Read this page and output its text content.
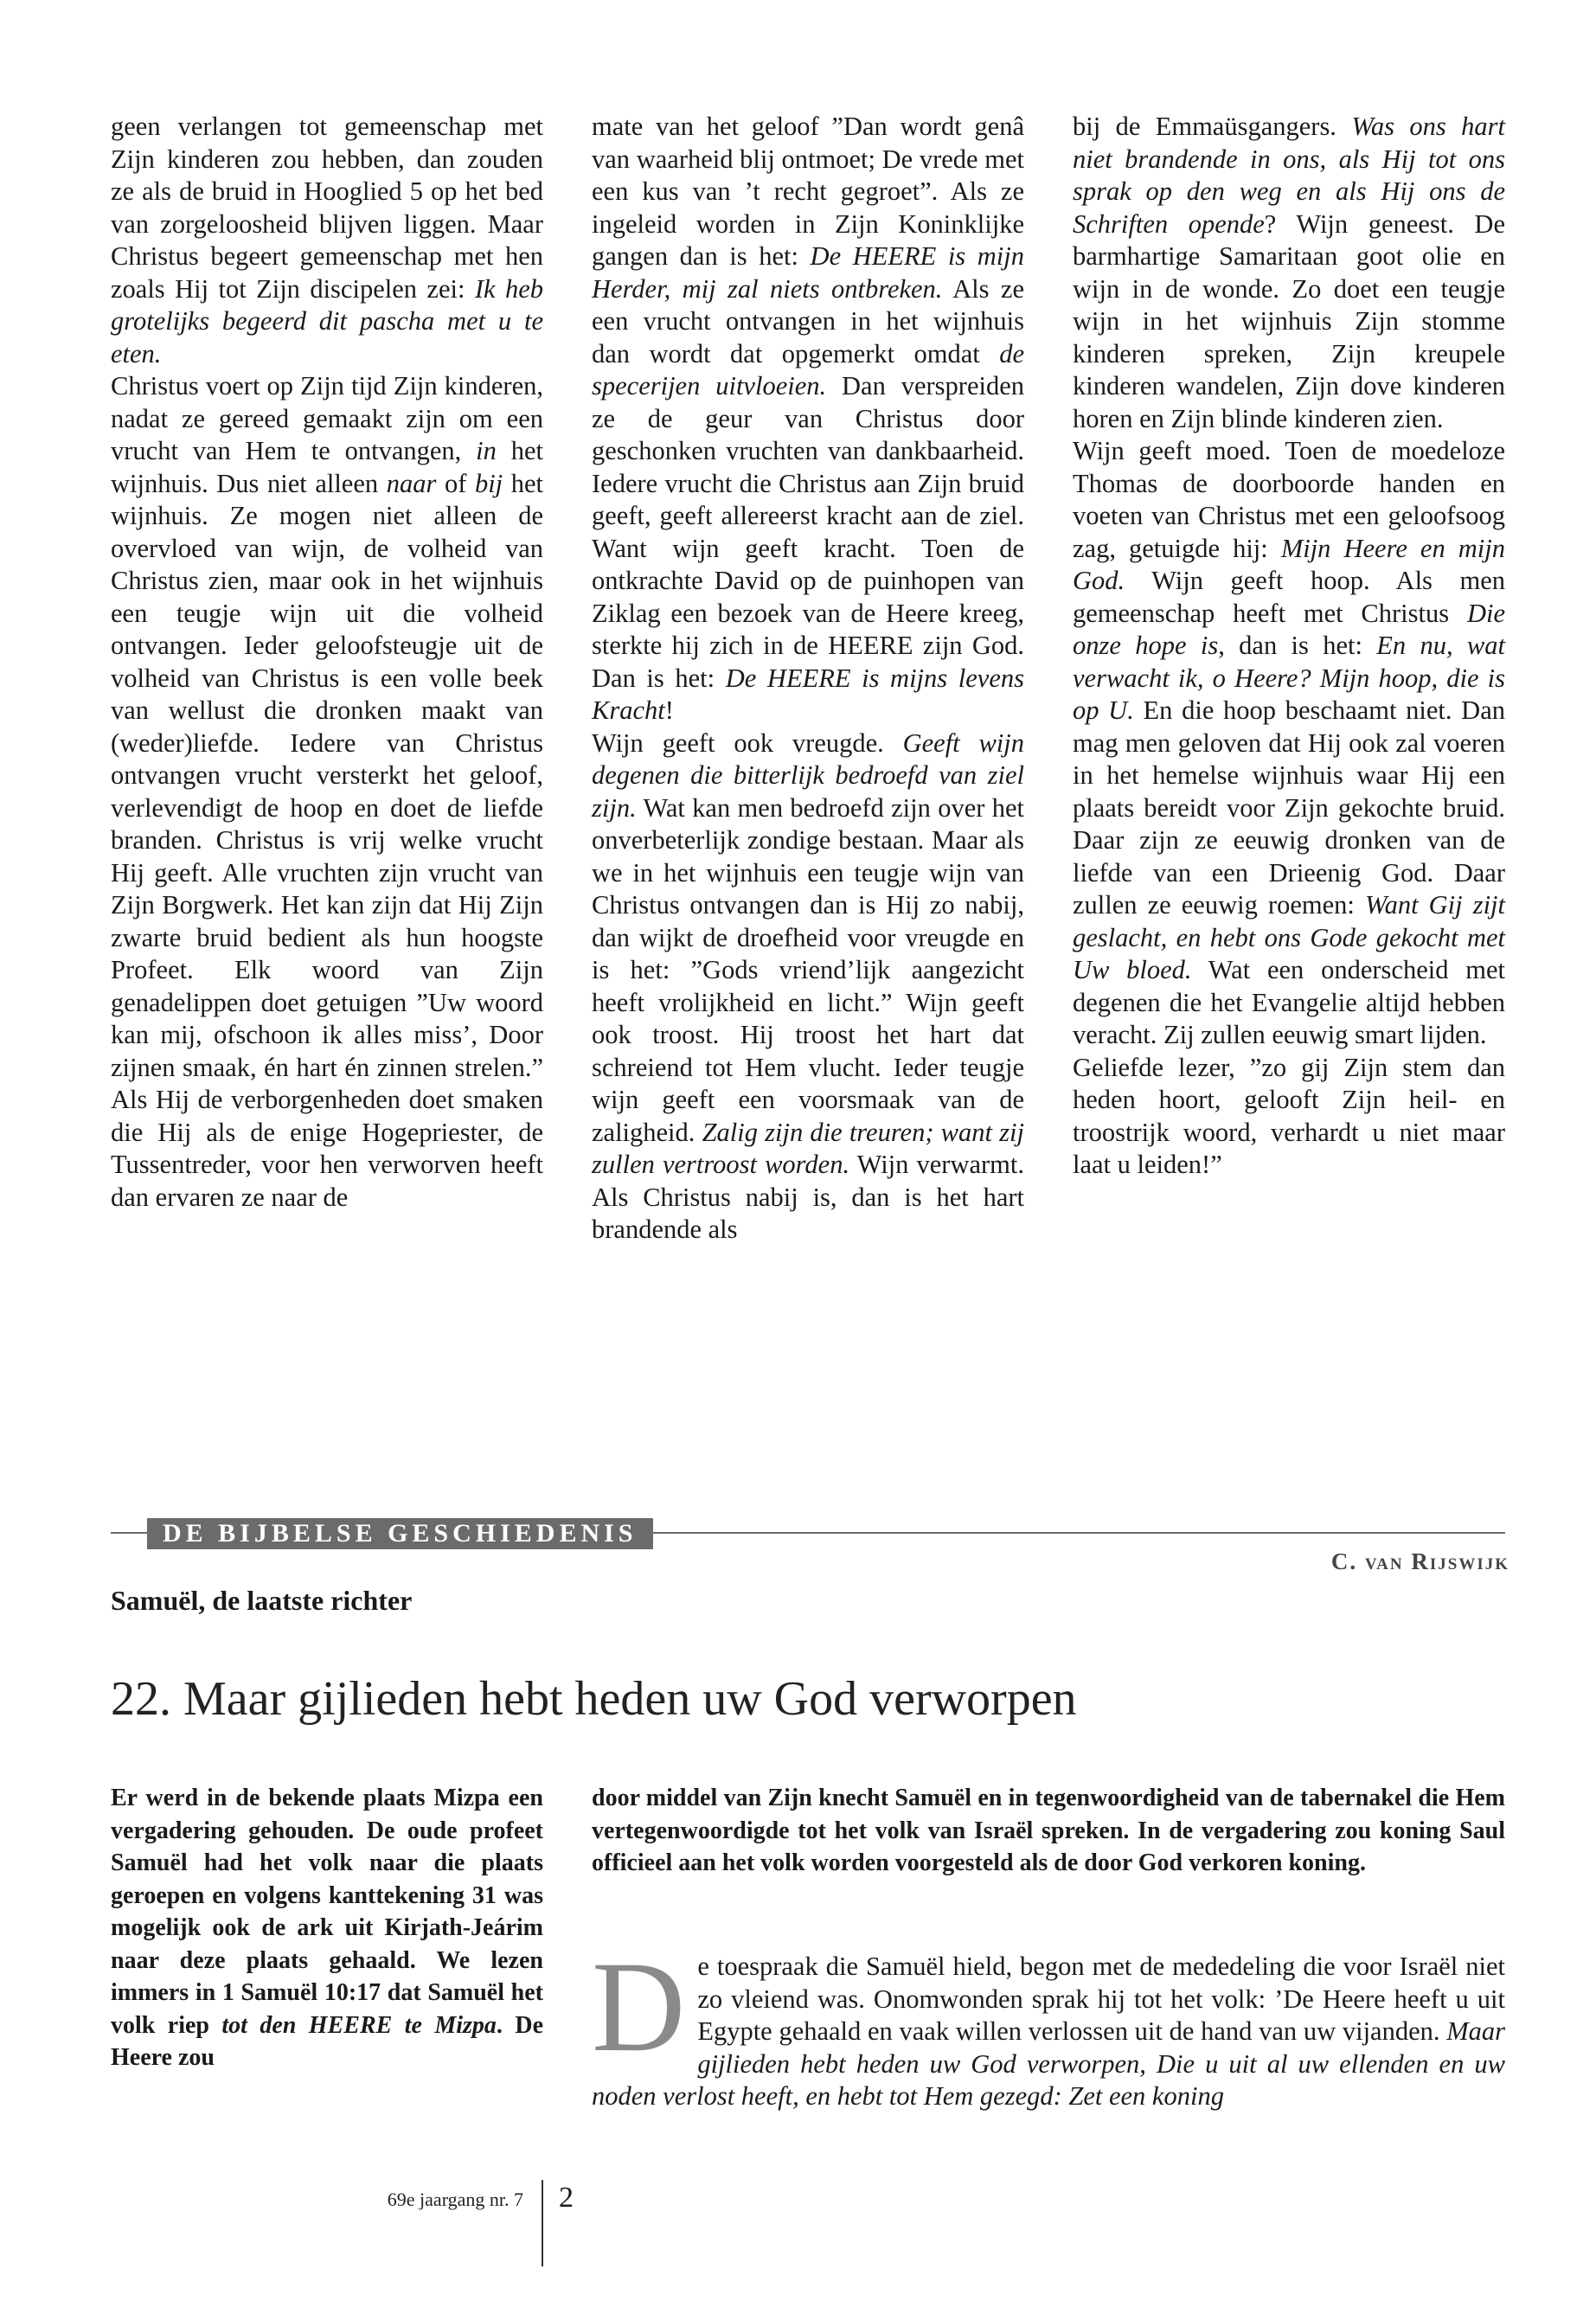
geen verlangen tot gemeenschap met Zijn kinderen zou hebben, dan zouden ze als de bruid in Hooglied 5 op het bed van zorgeloosheid blijven liggen. Maar Christus begeert gemeenschap met hen zoals Hij tot Zijn discipelen zei: Ik heb grotelijks begeerd dit pascha met u te eten.

Christus voert op Zijn tijd Zijn kinderen, nadat ze gereed gemaakt zijn om een vrucht van Hem te ontvangen, in het wijnhuis. Dus niet alleen naar of bij het wijnhuis. Ze mogen niet alleen de overvloed van wijn, de volheid van Christus zien, maar ook in het wijnhuis een teugje wijn uit die volheid ontvangen. Ieder geloofsteugje uit de volheid van Christus is een volle beek van wellust die dronken maakt van (weder)liefde. Iedere van Christus ontvangen vrucht versterkt het geloof, verlevendigt de hoop en doet de liefde branden. Christus is vrij welke vrucht Hij geeft. Alle vruchten zijn vrucht van Zijn Borgwerk. Het kan zijn dat Hij Zijn zwarte bruid bedient als hun hoogste Profeet. Elk woord van Zijn genadelippen doet getuigen ”Uw woord kan mij, ofschoon ik alles miss’, Door zijnen smaak, én hart én zinnen strelen.” Als Hij de verborgenheden doet smaken die Hij als de enige Hogepriester, de Tussentreder, voor hen verworven heeft dan ervaren ze naar de

mate van het geloof ”Dan wordt genâ van waarheid blij ontmoet; De vrede met een kus van ’t recht gegroet”. Als ze ingeleid worden in Zijn Koninklijke gangen dan is het: De HEERE is mijn Herder, mij zal niets ontbreken. Als ze een vrucht ontvangen in het wijnhuis dan wordt dat opgemerkt omdat de specerijen uitvloeien. Dan verspreiden ze de geur van Christus door geschonken vruchten van dankbaarheid. Iedere vrucht die Christus aan Zijn bruid geeft, geeft allereerst kracht aan de ziel. Want wijn geeft kracht. Toen de ontkrachte David op de puinhopen van Ziklag een bezoek van de Heere kreeg, sterkte hij zich in de HEERE zijn God. Dan is het: De HEERE is mijns levens Kracht!

Wijn geeft ook vreugde. Geeft wijn degenen die bitterlijk bedroefd van ziel zijn. Wat kan men bedroefd zijn over het onverbeterlijk zondige bestaan. Maar als we in het wijnhuis een teugje wijn van Christus ontvangen dan is Hij zo nabij, dan wijkt de droefheid voor vreugde en is het: ”Gods vriend’lijk aangezicht heeft vrolijkheid en licht.” Wijn geeft ook troost. Hij troost het hart dat schreiend tot Hem vlucht. Ieder teugje wijn geeft een voorsmaak van de zaligheid. Zalig zijn die treuren; want zij zullen vertroost worden. Wijn verwarmt. Als Christus nabij is, dan is het hart brandende als

bij de Emmaüsgangers. Was ons hart niet brandende in ons, als Hij tot ons sprak op den weg en als Hij ons de Schriften opende? Wijn geneest. De barmhartige Samaritaan goot olie en wijn in de wonde. Zo doet een teugje wijn in het wijnhuis Zijn stomme kinderen spreken, Zijn kreupele kinderen wandelen, Zijn dove kinderen horen en Zijn blinde kinderen zien.

Wijn geeft moed. Toen de moedeloze Thomas de doorboorde handen en voeten van Christus met een geloofsoog zag, getuigde hij: Mijn Heere en mijn God. Wijn geeft hoop. Als men gemeenschap heeft met Christus Die onze hope is, dan is het: En nu, wat verwacht ik, o Heere? Mijn hoop, die is op U. En die hoop beschaamt niet. Dan mag men geloven dat Hij ook zal voeren in het hemelse wijnhuis waar Hij een plaats bereidt voor Zijn gekochte bruid. Daar zijn ze eeuwig dronken van de liefde van een Drieenig God. Daar zullen ze eeuwig roemen: Want Gij zijt geslacht, en hebt ons Gode gekocht met Uw bloed. Wat een onderscheid met degenen die het Evangelie altijd hebben veracht. Zij zullen eeuwig smart lijden.

Geliefde lezer, ”zo gij Zijn stem dan heden hoort, gelooft Zijn heil- en troostrijk woord, verhardt u niet maar laat u leiden!”

DE BIJBELSE GESCHIEDENIS
C. van Rijswijk
Samuël, de laatste richter
22. Maar gijlieden hebt heden uw God verworpen
Er werd in de bekende plaats Mizpa een vergadering gehouden. De oude profeet Samuël had het volk naar die plaats geroepen en volgens kanttekening 31 was mogelijk ook de ark uit Kirjath-Jeárim naar deze plaats gehaald. We lezen immers in 1 Samuël 10:17 dat Samuël het volk riep tot den HEERE te Mizpa. De Heere zou
door middel van Zijn knecht Samuël en in tegenwoordigheid van de tabernakel die Hem vertegenwoordigde tot het volk van Israël spreken. In de vergadering zou koning Saul officieel aan het volk worden voorgesteld als de door God verkoren koning.
De toespraak die Samuël hield, begon met de mededeling die voor Israël niet zo vleiend was. Onomwonden sprak hij tot het volk: ’De Heere heeft u uit Egypte gehaald en vaak willen verlossen uit de hand van uw vijanden. Maar gijlieden hebt heden uw God verworpen, Die u uit al uw ellenden en uw noden verlost heeft, en hebt tot Hem gezegd: Zet een koning
69e jaargang nr. 7 2
